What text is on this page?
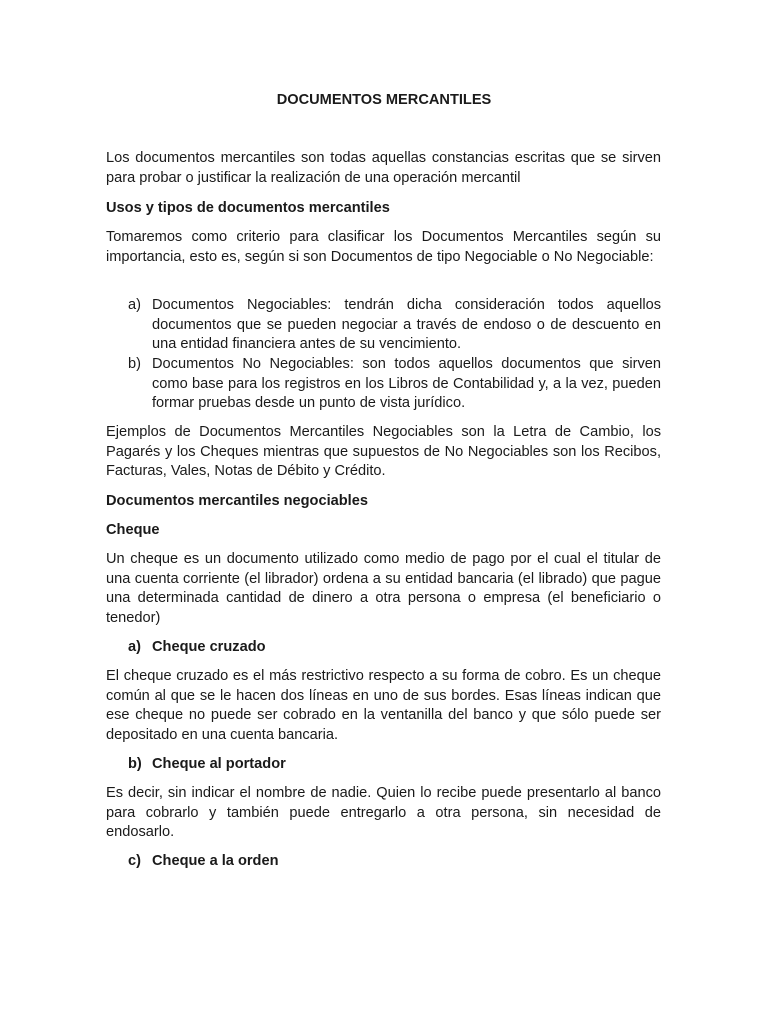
DOCUMENTOS MERCANTILES

Los documentos mercantiles son todas aquellas constancias escritas que se sirven para probar o justificar la realización de una operación mercantil

Usos y tipos de documentos mercantiles

Tomaremos como criterio para clasificar los Documentos Mercantiles según su importancia, esto es, según si son Documentos de tipo Negociable o No Negociable:

a) Documentos Negociables: tendrán dicha consideración todos aquellos documentos que se pueden negociar a través de endoso o de descuento en una entidad financiera antes de su vencimiento.

b) Documentos No Negociables: son todos aquellos documentos que sirven como base para los registros en los Libros de Contabilidad y, a la vez, pueden formar pruebas desde un punto de vista jurídico.

Ejemplos de Documentos Mercantiles Negociables son la Letra de Cambio, los Pagarés y los Cheques mientras que supuestos de No Negociables son los Recibos, Facturas, Vales, Notas de Débito y Crédito.

Documentos mercantiles negociables

Cheque

Un cheque es un documento utilizado como medio de pago por el cual el titular de una cuenta corriente (el librador) ordena a su entidad bancaria (el librado) que pague una determinada cantidad de dinero a otra persona o empresa (el beneficiario o tenedor)

a) Cheque cruzado

El cheque cruzado es el más restrictivo respecto a su forma de cobro. Es un cheque común al que se le hacen dos líneas en uno de sus bordes. Esas líneas indican que ese cheque no puede ser cobrado en la ventanilla del banco y que sólo puede ser depositado en una cuenta bancaria.

b) Cheque al portador

Es decir, sin indicar el nombre de nadie. Quien lo recibe puede presentarlo al banco para cobrarlo y también puede entregarlo a otra persona, sin necesidad de endosarlo.

c) Cheque a la orden
